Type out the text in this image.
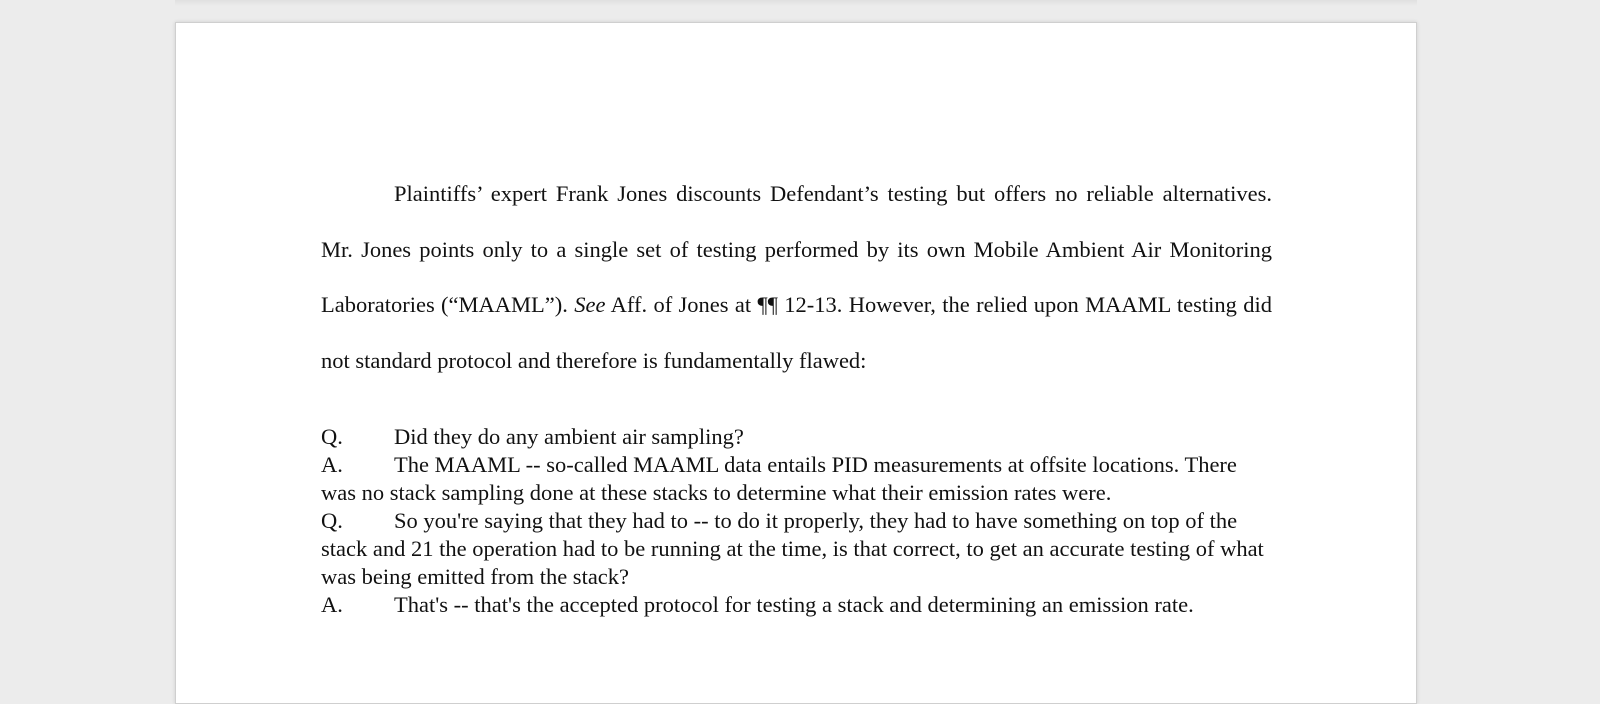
Plaintiffs’ expert Frank Jones discounts Defendant’s testing but offers no reliable alternatives. Mr. Jones points only to a single set of testing performed by its own Mobile Ambient Air Monitoring Laboratories (“MAAML”). See Aff. of Jones at ¶¶ 12-13. However, the relied upon MAAML testing did not standard protocol and therefore is fundamentally flawed:

Q. Did they do any ambient air sampling?

A. The MAAML -- so-called MAAML data entails PID measurements at offsite locations. There was no stack sampling done at these stacks to determine what their emission rates were.

Q. So you're saying that they had to -- to do it properly, they had to have something on top of the stack and 21 the operation had to be running at the time, is that correct, to get an accurate testing of what was being emitted from the stack?

A. That's -- that's the accepted protocol for testing a stack and determining an emission rate.
